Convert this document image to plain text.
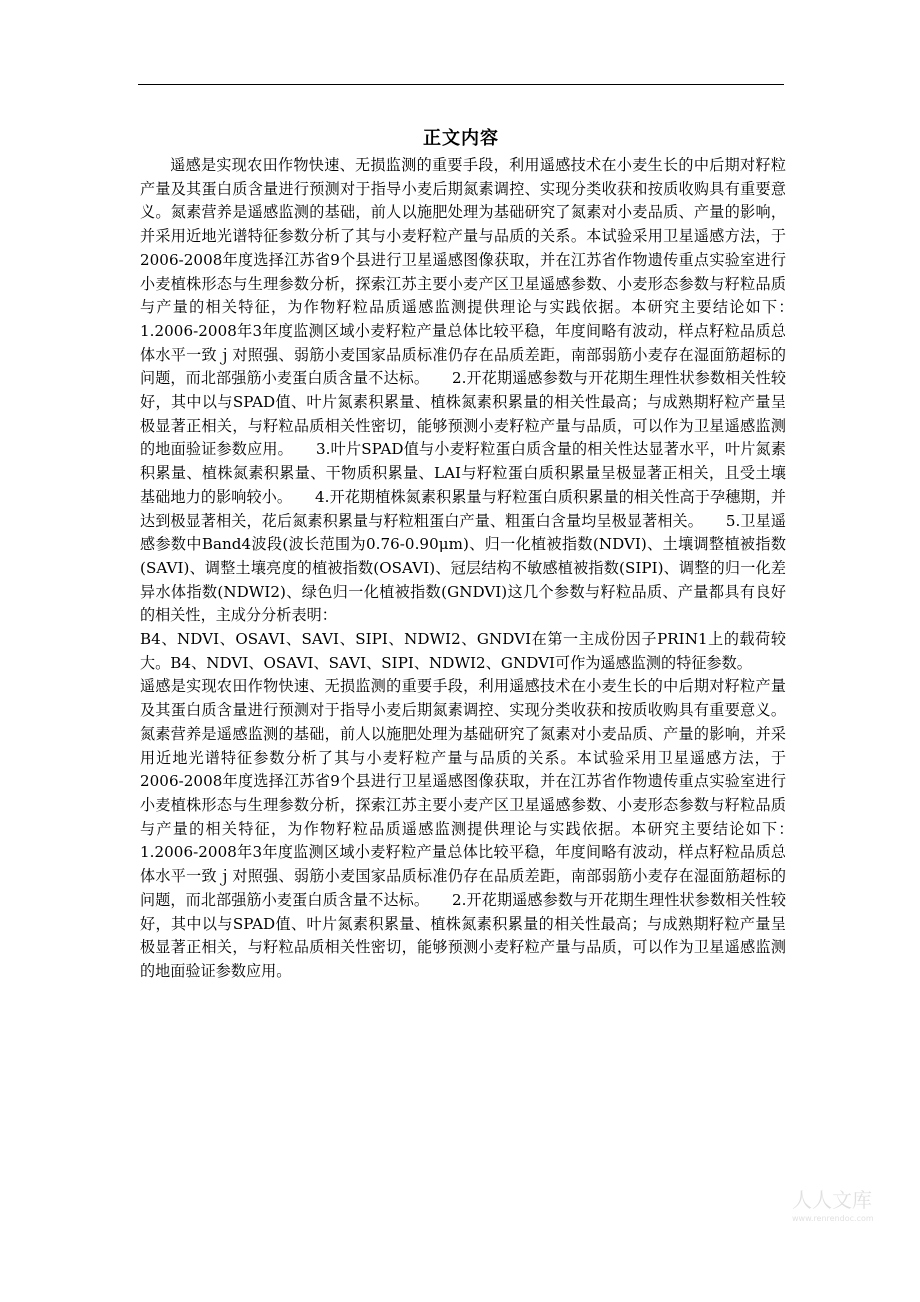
正文内容

遥感是实现农田作物快速、无损监测的重要手段，利用遥感技术在小麦生长的中后期对籽粒产量及其蛋白质含量进行预测对于指导小麦后期氮素调控、实现分类收获和按质收购具有重要意义。氮素营养是遥感监测的基础，前人以施肥处理为基础研究了氮素对小麦品质、产量的影响，并采用近地光谱特征参数分析了其与小麦籽粒产量与品质的关系。本试验采用卫星遥感方法，于2006-2008年度选择江苏省9个县进行卫星遥感图像获取，并在江苏省作物遗传重点实验室进行小麦植株形态与生理参数分析，探索江苏主要小麦产区卫星遥感参数、小麦形态参数与籽粒品质与产量的相关特征，为作物籽粒品质遥感监测提供理论与实践依据。本研究主要结论如下：　　1.2006-2008年3年度监测区域小麦籽粒产量总体比较平稳，年度间略有波动，样点籽粒品质总体水平一致ｊ对照强、弱筋小麦国家品质标准仍存在品质差距，南部弱筋小麦存在湿面筋超标的问题，而北部强筋小麦蛋白质含量不达标。　　2.开花期遥感参数与开花期生理性状参数相关性较好，其中以与SPAD值、叶片氮素积累量、植株氮素积累量的相关性最高；与成熟期籽粒产量呈极显著正相关，与籽粒品质相关性密切，能够预测小麦籽粒产量与品质，可以作为卫星遥感监测的地面验证参数应用。　　3.叶片SPAD值与小麦籽粒蛋白质含量的相关性达显著水平，叶片氮素积累量、植株氮素积累量、干物质积累量、LAI与籽粒蛋白质积累量呈极显著正相关，且受土壤基础地力的影响较小。　　4.开花期植株氮素积累量与籽粒蛋白质积累量的相关性高于孕穗期，并达到极显著相关，花后氮素积累量与籽粒粗蛋白产量、粗蛋白含量均呈极显著相关。　　5.卫星遥感参数中Band4波段(波长范围为0.76-0.90μm)、归一化植被指数(NDVI)、土壤调整植被指数(SAVI)、调整土壤亮度的植被指数(OSAVI)、冠层结构不敏感植被指数(SIPI)、调整的归一化差异水体指数(NDWI2)、绿色归一化植被指数(GNDVI)这几个参数与籽粒品质、产量都具有良好的相关性，主成分分析表明：

B4、NDVI、OSAVI、SAVI、SIPI、NDWI2、GNDVI在第一主成份因子PRIN1上的载荷较大。B4、NDVI、OSAVI、SAVI、SIPI、NDWI2、GNDVI可作为遥感监测的特征参数。

遥感是实现农田作物快速、无损监测的重要手段，利用遥感技术在小麦生长的中后期对籽粒产量及其蛋白质含量进行预测对于指导小麦后期氮素调控、实现分类收获和按质收购具有重要意义。氮素营养是遥感监测的基础，前人以施肥处理为基础研究了氮素对小麦品质、产量的影响，并采用近地光谱特征参数分析了其与小麦籽粒产量与品质的关系。本试验采用卫星遥感方法，于2006-2008年度选择江苏省9个县进行卫星遥感图像获取，并在江苏省作物遗传重点实验室进行小麦植株形态与生理参数分析，探索江苏主要小麦产区卫星遥感参数、小麦形态参数与籽粒品质与产量的相关特征，为作物籽粒品质遥感监测提供理论与实践依据。本研究主要结论如下：　　1.2006-2008年3年度监测区域小麦籽粒产量总体比较平稳，年度间略有波动，样点籽粒品质总体水平一致ｊ对照强、弱筋小麦国家品质标准仍存在品质差距，南部弱筋小麦存在湿面筋超标的问题，而北部强筋小麦蛋白质含量不达标。　　2.开花期遥感参数与开花期生理性状参数相关性较好，其中以与SPAD值、叶片氮素积累量、植株氮素积累量的相关性最高；与成熟期籽粒产量呈极显著正相关，与籽粒品质相关性密切，能够预测小麦籽粒产量与品质，可以作为卫星遥感监测的地面验证参数应用。

人人文库
www.renrendoc.com
